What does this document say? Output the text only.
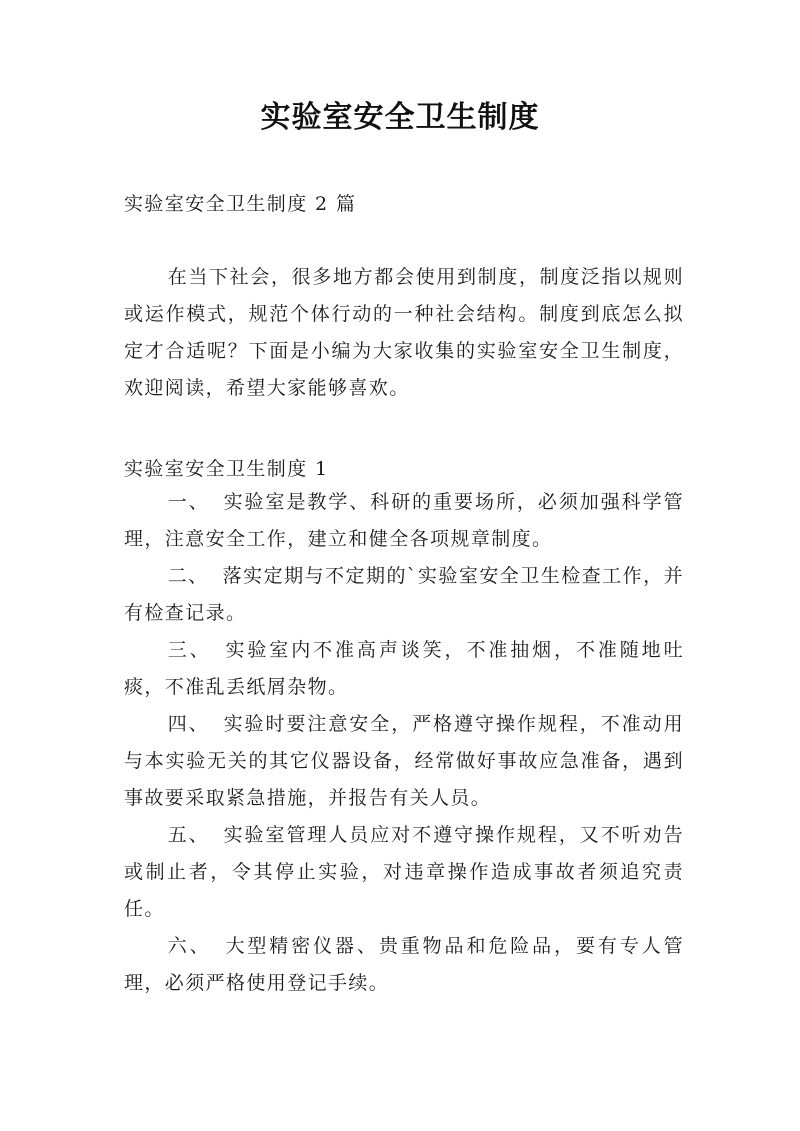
实验室安全卫生制度
实验室安全卫生制度 2 篇

在当下社会，很多地方都会使用到制度，制度泛指以规则或运作模式，规范个体行动的一种社会结构。制度到底怎么拟定才合适呢？下面是小编为大家收集的实验室安全卫生制度，欢迎阅读，希望大家能够喜欢。

实验室安全卫生制度 1

一、 实验室是教学、科研的重要场所，必须加强科学管理，注意安全工作，建立和健全各项规章制度。

二、 落实定期与不定期的`实验室安全卫生检查工作，并有检查记录。

三、 实验室内不准高声谈笑，不准抽烟，不准随地吐痰，不准乱丢纸屑杂物。

四、 实验时要注意安全，严格遵守操作规程，不准动用与本实验无关的其它仪器设备，经常做好事故应急准备，遇到事故要采取紧急措施，并报告有关人员。

五、 实验室管理人员应对不遵守操作规程，又不听劝告或制止者，令其停止实验，对违章操作造成事故者须追究责任。

六、 大型精密仪器、贵重物品和危险品，要有专人管理，必须严格使用登记手续。
